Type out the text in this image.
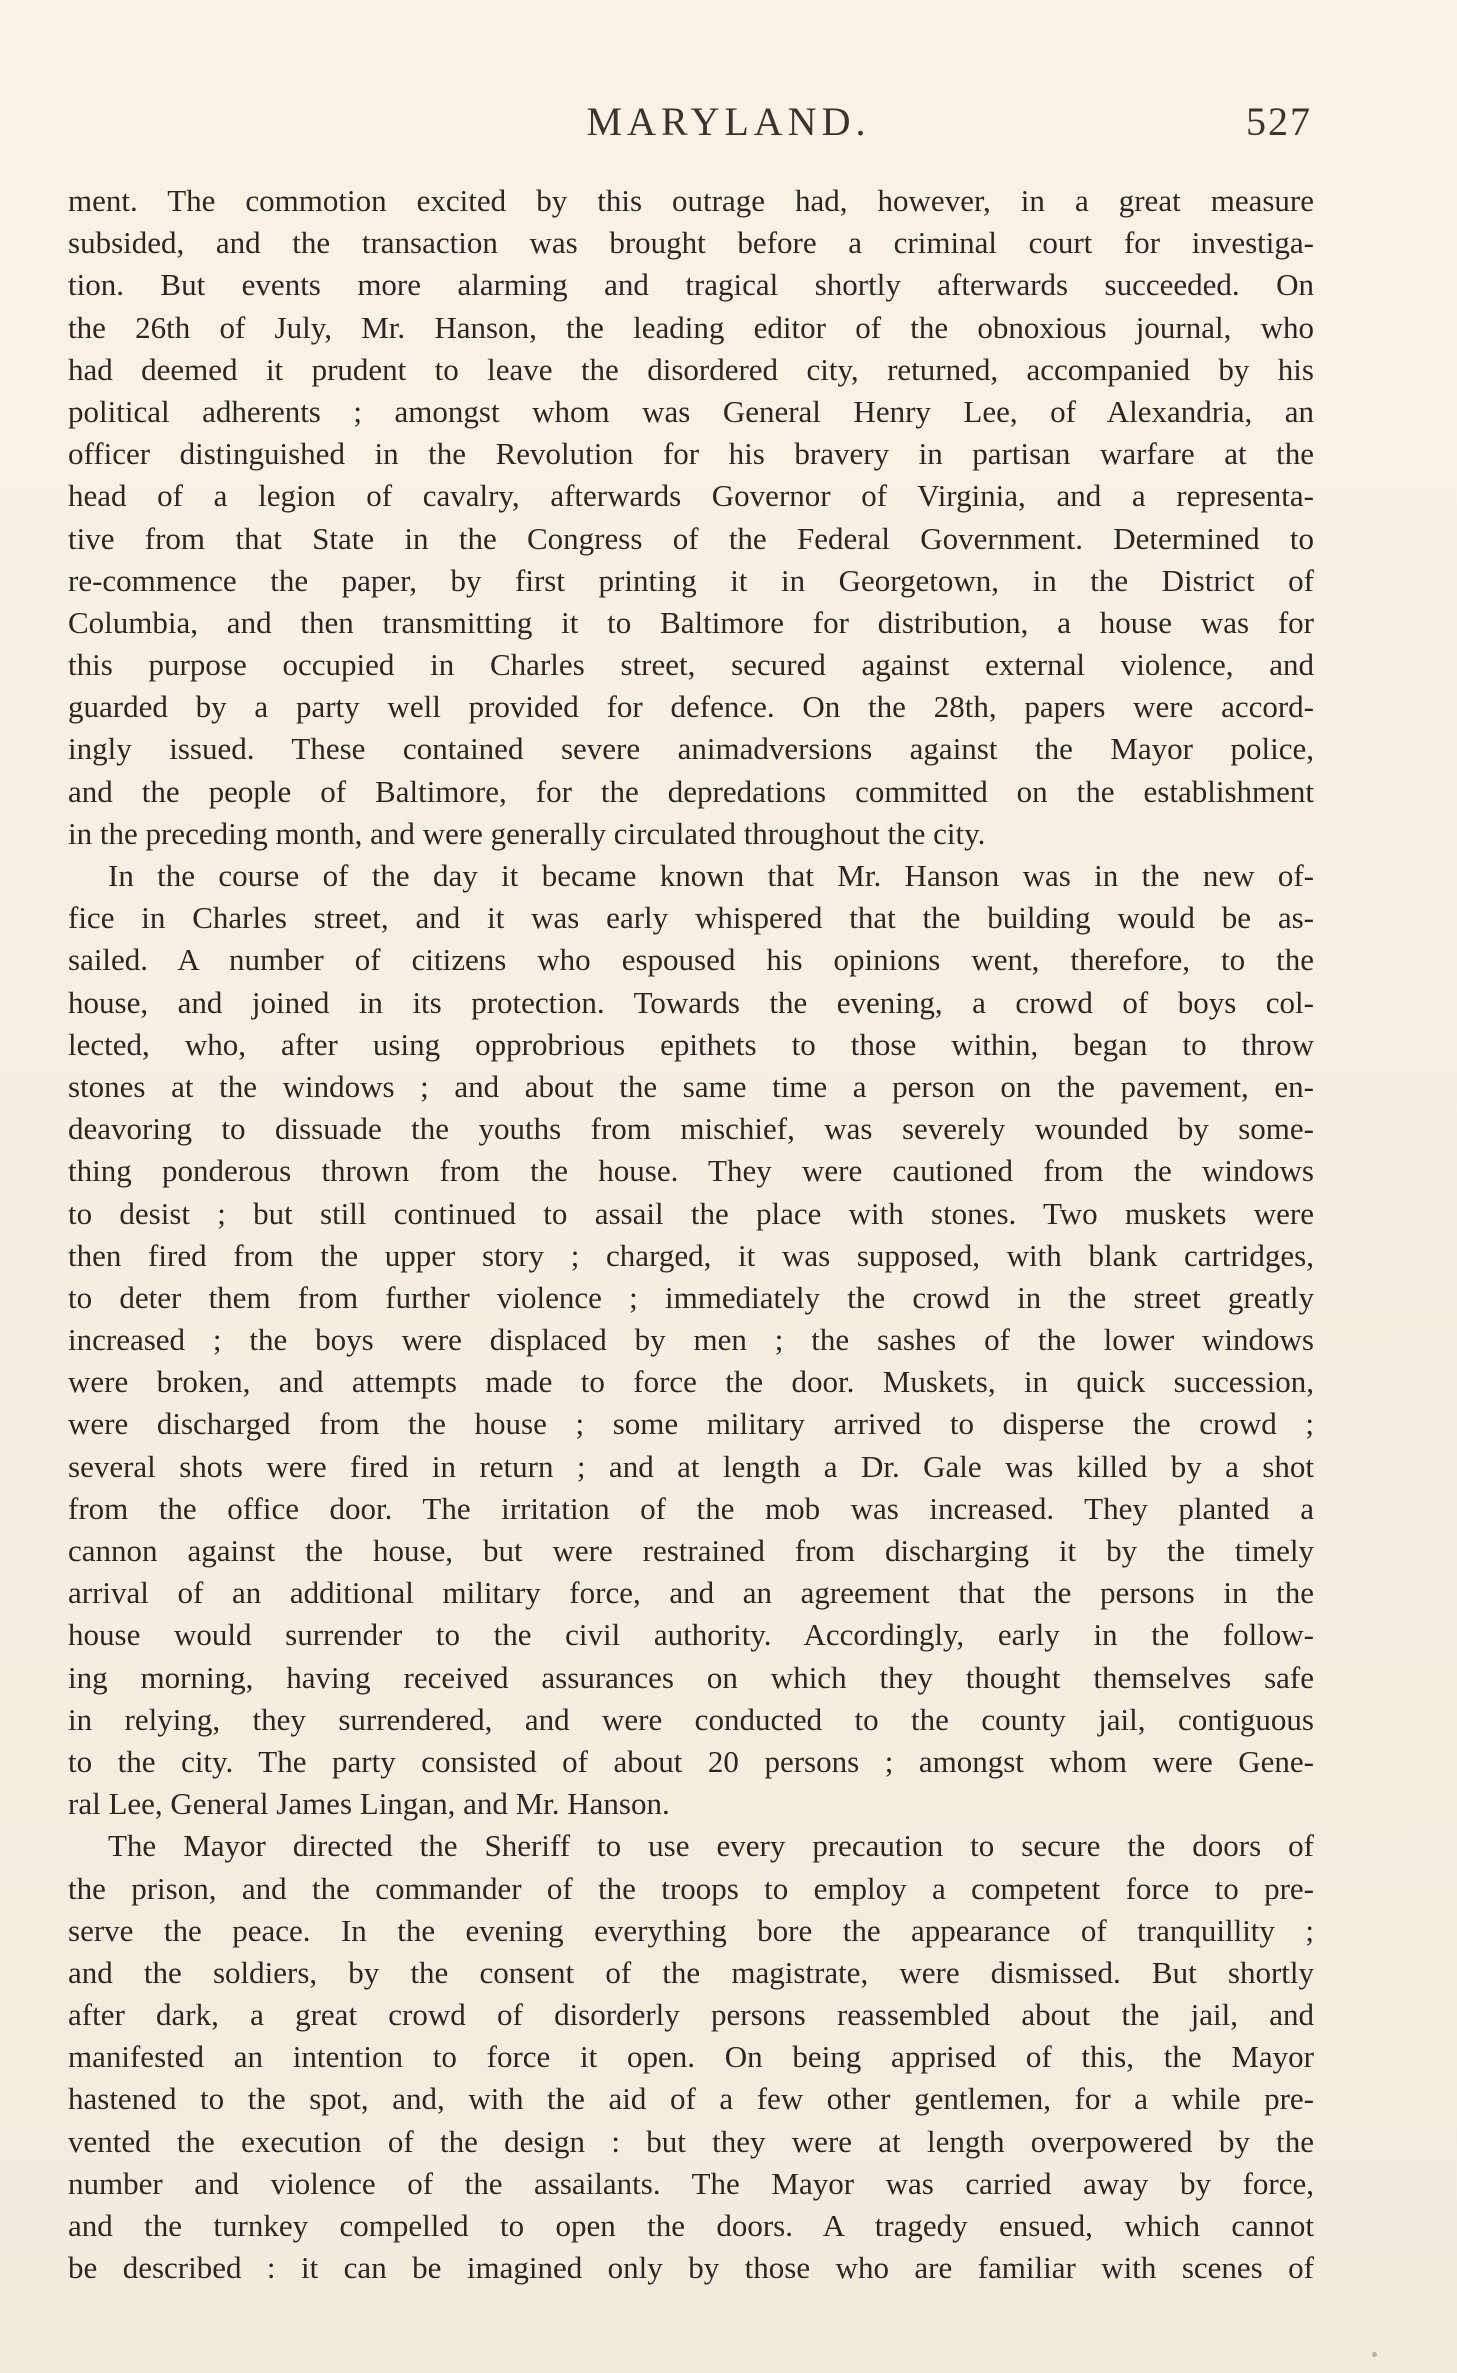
MARYLAND.	527
ment. The commotion excited by this outrage had, however, in a great measure
subsided, and the transaction was brought before a criminal court for investiga-
tion. But events more alarming and tragical shortly afterwards succeeded. On
the 26th of July, Mr. Hanson, the leading editor of the obnoxious journal, who
had deemed it prudent to leave the disordered city, returned, accompanied by his
political adherents ; amongst whom was General Henry Lee, of Alexandria, an
officer distinguished in the Revolution for his bravery in partisan warfare at the
head of a legion of cavalry, afterwards Governor of Virginia, and a representa-
tive from that State in the Congress of the Federal Government. Determined to
re-commence the paper, by first printing it in Georgetown, in the District of
Columbia, and then transmitting it to Baltimore for distribution, a house was for
this purpose occupied in Charles street, secured against external violence, and
guarded by a party well provided for defence. On the 28th, papers were accord-
ingly issued. These contained severe animadversions against the Mayor police,
and the people of Baltimore, for the depredations committed on the establishment
in the preceding month, and were generally circulated throughout the city.
In the course of the day it became known that Mr. Hanson was in the new of-
fice in Charles street, and it was early whispered that the building would be as-
sailed. A number of citizens who espoused his opinions went, therefore, to the
house, and joined in its protection. Towards the evening, a crowd of boys col-
lected, who, after using opprobrious epithets to those within, began to throw
stones at the windows ; and about the same time a person on the pavement, en-
deavoring to dissuade the youths from mischief, was severely wounded by some-
thing ponderous thrown from the house. They were cautioned from the windows
to desist ; but still continued to assail the place with stones. Two muskets were
then fired from the upper story ; charged, it was supposed, with blank cartridges,
to deter them from further violence ; immediately the crowd in the street greatly
increased ; the boys were displaced by men ; the sashes of the lower windows
were broken, and attempts made to force the door. Muskets, in quick succession,
were discharged from the house ; some military arrived to disperse the crowd ;
several shots were fired in return ; and at length a Dr. Gale was killed by a shot
from the office door. The irritation of the mob was increased. They planted a
cannon against the house, but were restrained from discharging it by the timely
arrival of an additional military force, and an agreement that the persons in the
house would surrender to the civil authority. Accordingly, early in the follow-
ing morning, having received assurances on which they thought themselves safe
in relying, they surrendered, and were conducted to the county jail, contiguous
to the city. The party consisted of about 20 persons ; amongst whom were Gene-
ral Lee, General James Lingan, and Mr. Hanson.
The Mayor directed the Sheriff to use every precaution to secure the doors of
the prison, and the commander of the troops to employ a competent force to pre-
serve the peace. In the evening everything bore the appearance of tranquillity ;
and the soldiers, by the consent of the magistrate, were dismissed. But shortly
after dark, a great crowd of disorderly persons reassembled about the jail, and
manifested an intention to force it open. On being apprised of this, the Mayor
hastened to the spot, and, with the aid of a few other gentlemen, for a while pre-
vented the execution of the design : but they were at length overpowered by the
number and violence of the assailants. The Mayor was carried away by force,
and the turnkey compelled to open the doors. A tragedy ensued, which cannot
be described : it can be imagined only by those who are familiar with scenes of
